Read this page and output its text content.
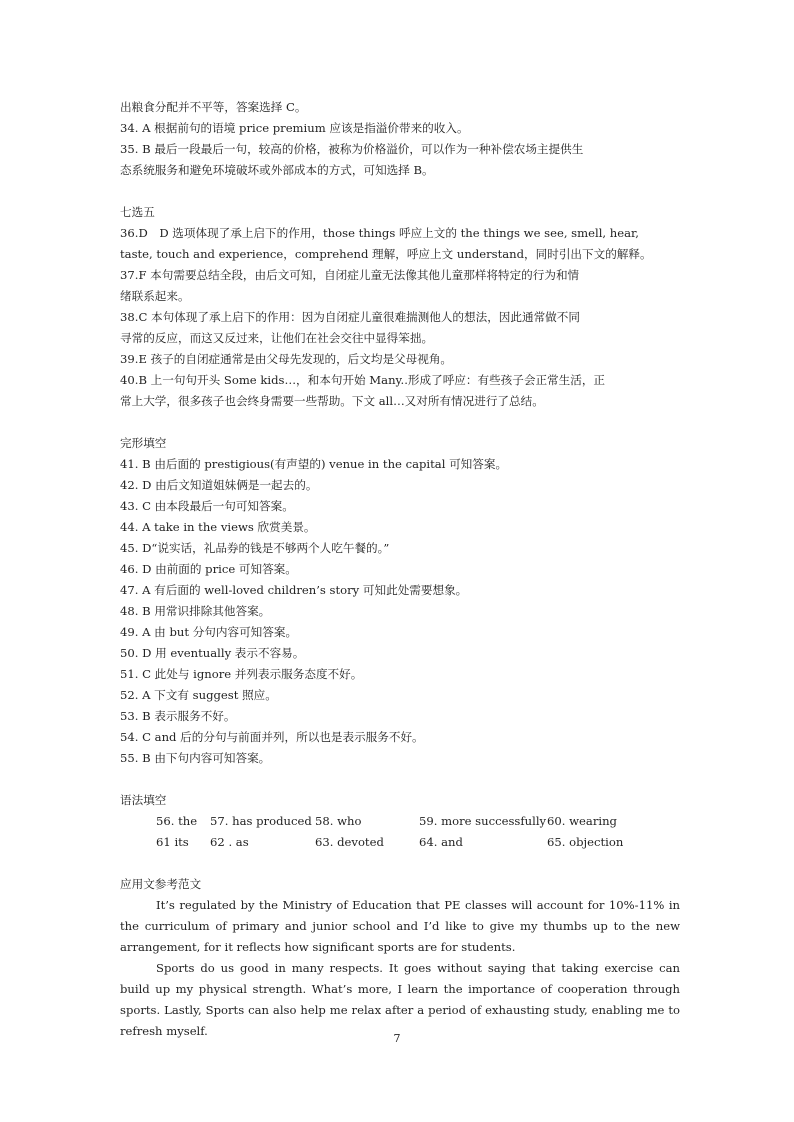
出粮食分配并不平等，答案选择 C。

34. A 根据前句的语境 price premium 应该是指溢价带来的收入。

35. B 最后一段最后一句，较高的价格，被称为价格溢价，可以作为一种补偿农场主提供生

态系统服务和避免环境破坏或外部成本的方式，可知选择 B。

七选五

36.D　D 选项体现了承上启下的作用，those things 呼应上文的 the things we see, smell, hear,

taste, touch and experience，comprehend 理解，呼应上文 understand，同时引出下文的解释。

37.F 本句需要总结全段，由后文可知，自闭症儿童无法像其他儿童那样将特定的行为和情

绪联系起来。

38.C 本句体现了承上启下的作用：因为自闭症儿童很难揣测他人的想法，因此通常做不同

寻常的反应，而这又反过来，让他们在社会交往中显得笨拙。

39.E 孩子的自闭症通常是由父母先发现的，后文均是父母视角。

40.B 上一句句开头 Some kids…，和本句开始 Many..形成了呼应：有些孩子会正常生活，正

常上大学，很多孩子也会终身需要一些帮助。下文 all…又对所有情况进行了总结。

完形填空

41. B 由后面的 prestigious(有声望的) venue in the capital 可知答案。

42. D 由后文知道姐妹俩是一起去的。

43. C 由本段最后一句可知答案。

44. A take in the views 欣赏美景。

45. D“说实话，礼品券的钱是不够两个人吃午餐的。”

46. D 由前面的 price 可知答案。

47. A 有后面的 well-loved children’s story 可知此处需要想象。

48. B 用常识排除其他答案。

49. A 由 but 分句内容可知答案。

50. D 用 eventually 表示不容易。

51. C 此处与 ignore 并列表示服务态度不好。

52. A 下文有 suggest 照应。

53. B 表示服务不好。

54. C and 后的分句与前面并列，所以也是表示服务不好。

55. B 由下句内容可知答案。

语法填空

56. the	57. has produced 58. who	59. more successfully 60. wearing
61 its	62 . as	63. devoted	64. and	65. objection

应用文参考范文

It’s regulated by the Ministry of Education that PE classes will account for 10%-11% in the curriculum of primary and junior school and I’d like to give my thumbs up to the new arrangement, for it reflects how significant sports are for students.

Sports do us good in many respects. It goes without saying that taking exercise can build up my physical strength. What’s more, I learn the importance of cooperation through sports. Lastly, Sports can also help me relax after a period of exhausting study, enabling me to refresh myself.

7
